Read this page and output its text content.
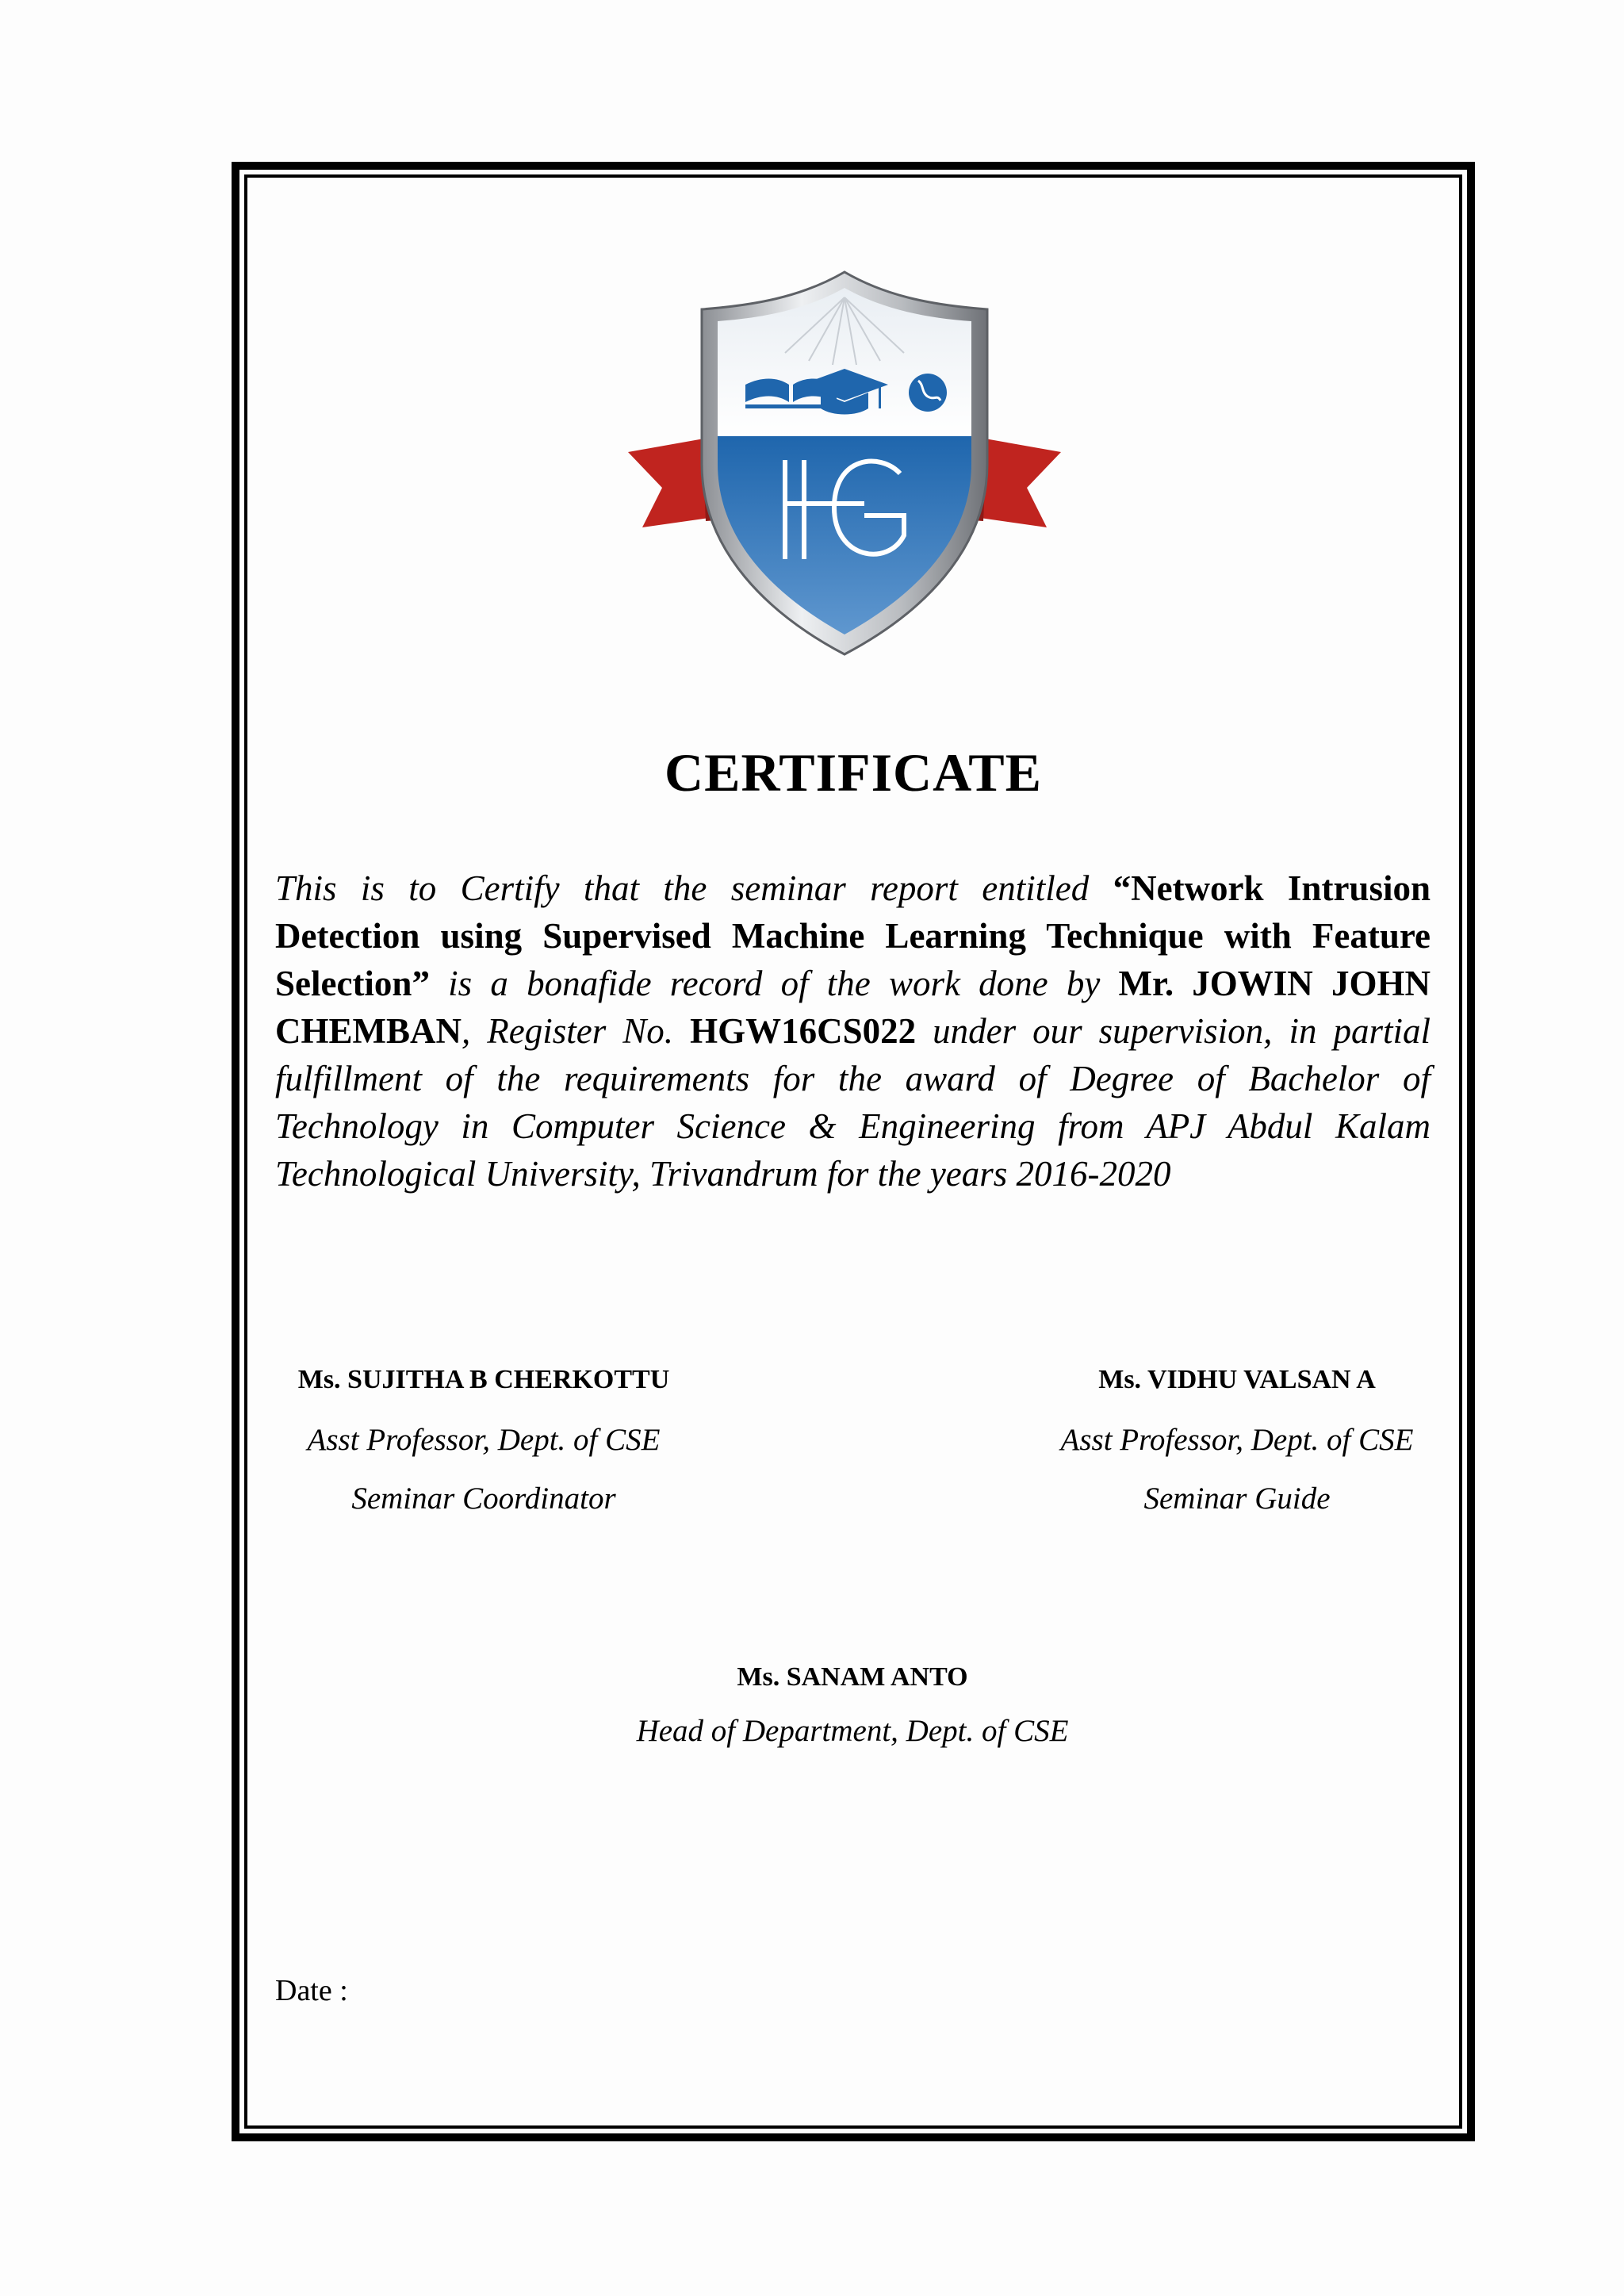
HG
CERTIFICATE
This is to Certify that the seminar report entitled “Network Intrusion Detection using Supervised Machine Learning Technique with Feature Selection” is a bonafide record of the work done by Mr. JOWIN JOHN CHEMBAN, Register No. HGW16CS022 under our supervision, in partial fulfillment of the requirements for the award of Degree of Bachelor of Technology in Computer Science & Engineering from APJ Abdul Kalam Technological University, Trivandrum for the years 2016-2020
Ms. SUJITHA B CHERKOTTU
Asst Professor, Dept. of CSE
Seminar Coordinator
Ms. VIDHU VALSAN A
Asst Professor, Dept. of CSE
Seminar Guide
Ms. SANAM ANTO
Head of Department, Dept. of CSE
Date :
